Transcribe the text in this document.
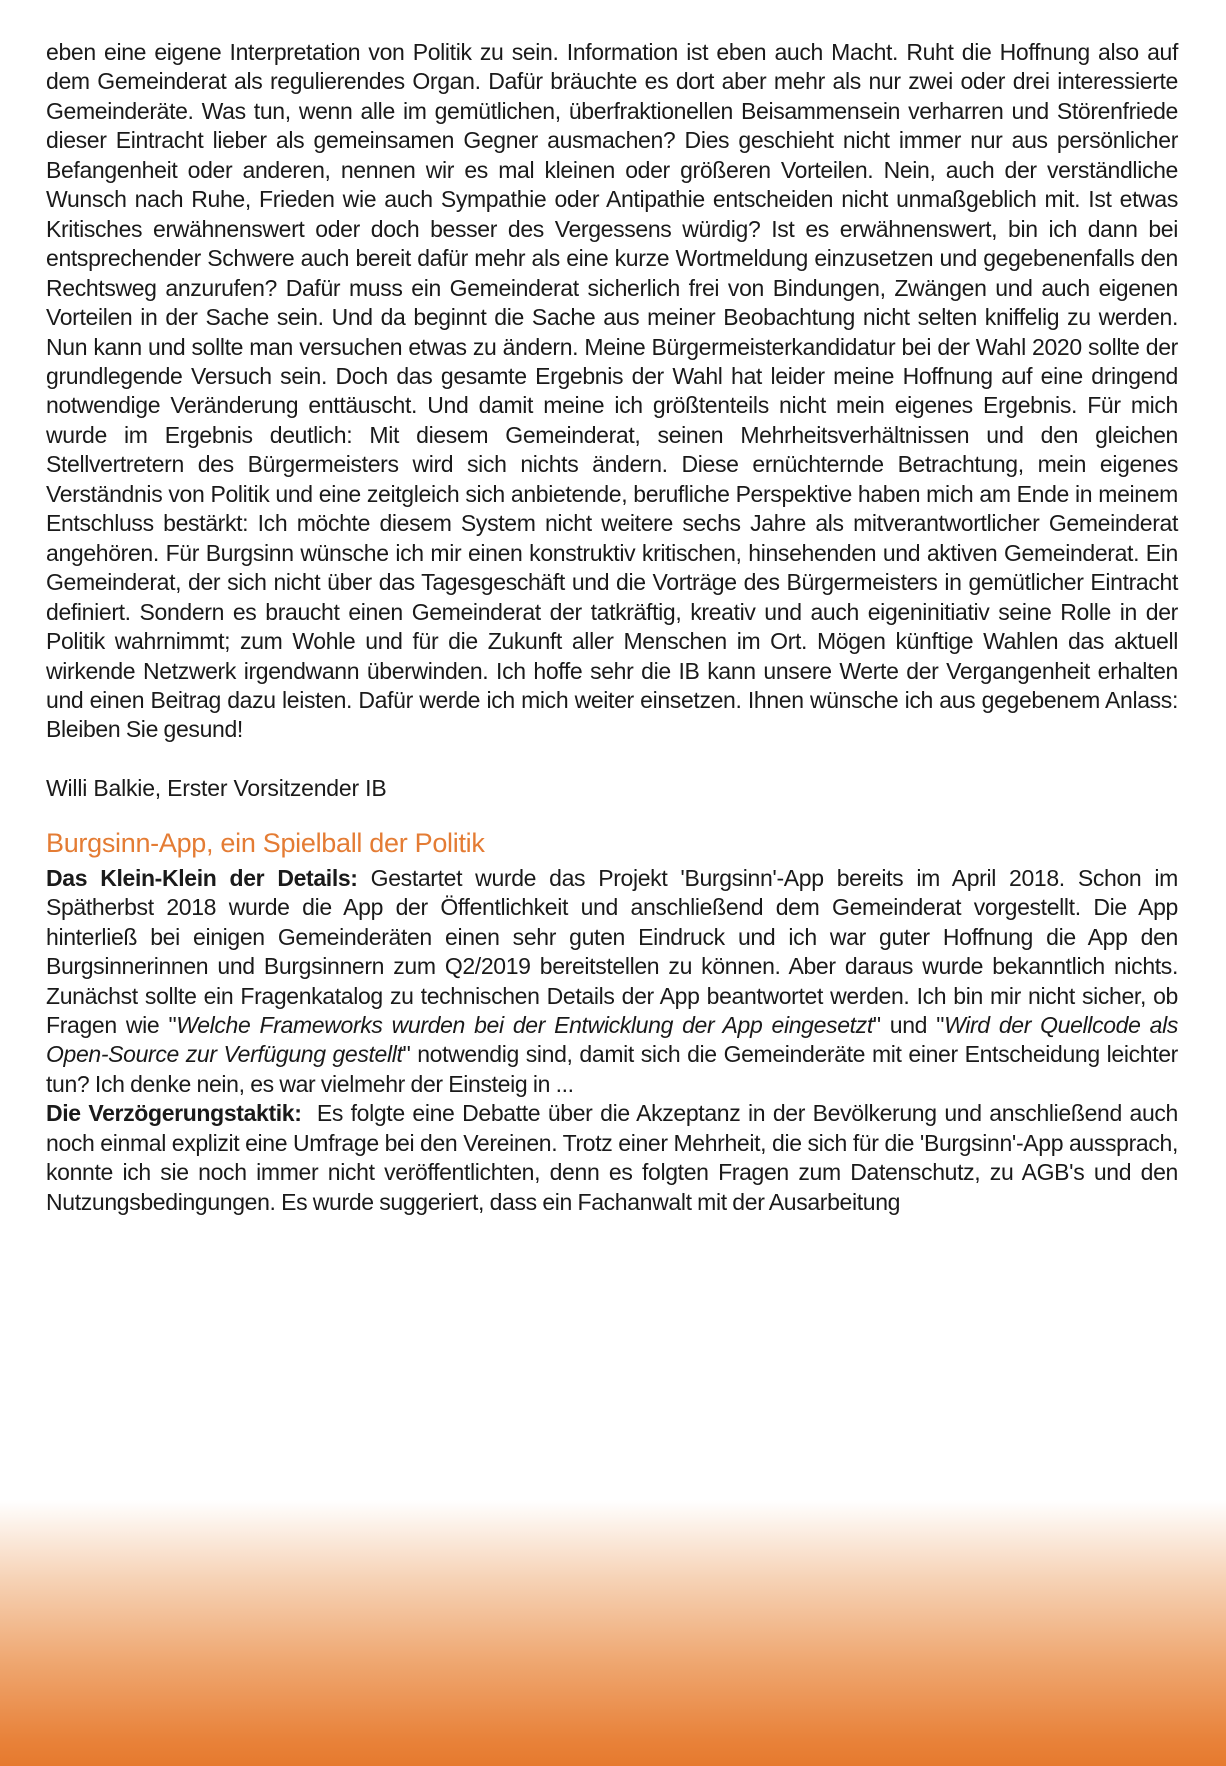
eben eine eigene Interpretation von Politik zu sein. Information ist eben auch Macht. Ruht die Hoffnung also auf dem Gemeinderat als regulierendes Organ. Dafür bräuchte es dort aber mehr als nur zwei oder drei interessierte Gemeinderäte. Was tun, wenn alle im gemütlichen, überfraktionellen Beisammensein verharren und Störenfriede dieser Eintracht lieber als gemeinsamen Gegner ausmachen? Dies geschieht nicht immer nur aus persönlicher Befangenheit oder anderen, nennen wir es mal kleinen oder größeren Vorteilen. Nein, auch der verständliche Wunsch nach Ruhe, Frieden wie auch Sympathie oder Antipathie entscheiden nicht unmaßgeblich mit. Ist etwas Kritisches erwähnenswert oder doch besser des Vergessens würdig? Ist es erwähnenswert, bin ich dann bei entsprechender Schwere auch bereit dafür mehr als eine kurze Wortmeldung einzusetzen und gegebenenfalls den Rechtsweg anzurufen? Dafür muss ein Gemeinderat sicherlich frei von Bindungen, Zwängen und auch eigenen Vorteilen in der Sache sein. Und da beginnt die Sache aus meiner Beobachtung nicht selten kniffelig zu werden. Nun kann und sollte man versuchen etwas zu ändern. Meine Bürgermeisterkandidatur bei der Wahl 2020 sollte der grundlegende Versuch sein. Doch das gesamte Ergebnis der Wahl hat leider meine Hoffnung auf eine dringend notwendige Veränderung enttäuscht. Und damit meine ich größtenteils nicht mein eigenes Ergebnis. Für mich wurde im Ergebnis deutlich: Mit diesem Gemeinderat, seinen Mehrheitsverhältnissen und den gleichen Stellvertretern des Bürgermeisters wird sich nichts ändern. Diese ernüchternde Betrachtung, mein eigenes Verständnis von Politik und eine zeitgleich sich anbietende, berufliche Perspektive haben mich am Ende in meinem Entschluss bestärkt: Ich möchte diesem System nicht weitere sechs Jahre als mitverantwortlicher Gemeinderat angehören. Für Burgsinn wünsche ich mir einen konstruktiv kritischen, hinsehenden und aktiven Gemeinderat. Ein Gemeinderat, der sich nicht über das Tagesgeschäft und die Vorträge des Bürgermeisters in gemütlicher Eintracht definiert. Sondern es braucht einen Gemeinderat der tatkräftig, kreativ und auch eigeninitiativ seine Rolle in der Politik wahrnimmt; zum Wohle und für die Zukunft aller Menschen im Ort. Mögen künftige Wahlen das aktuell wirkende Netzwerk irgendwann überwinden. Ich hoffe sehr die IB kann unsere Werte der Vergangenheit erhalten und einen Beitrag dazu leisten. Dafür werde ich mich weiter einsetzen. Ihnen wünsche ich aus gegebenem Anlass: Bleiben Sie gesund!

Willi Balkie, Erster Vorsitzender IB

Burgsinn-App, ein Spielball der Politik

Das Klein-Klein der Details: Gestartet wurde das Projekt 'Burgsinn'-App bereits im April 2018. Schon im Spätherbst 2018 wurde die App der Öffentlichkeit und anschließend dem Gemeinderat vorgestellt. Die App hinterließ bei einigen Gemeinderäten einen sehr guten Eindruck und ich war guter Hoffnung die App den Burgsinnerinnen und Burgsinnern zum Q2/2019 bereitstellen zu können. Aber daraus wurde bekanntlich nichts. Zunächst sollte ein Fragenkatalog zu technischen Details der App beantwortet werden. Ich bin mir nicht sicher, ob Fragen wie "Welche Frameworks wurden bei der Entwicklung der App eingesetzt" und "Wird der Quellcode als Open-Source zur Verfügung gestellt" notwendig sind, damit sich die Gemeinderäte mit einer Entscheidung leichter tun? Ich denke nein, es war vielmehr der Einsteig in ...

Die Verzögerungstaktik:  Es folgte eine Debatte über die Akzeptanz in der Bevölkerung und anschließend auch noch einmal explizit eine Umfrage bei den Vereinen. Trotz einer Mehrheit, die sich für die 'Burgsinn'-App aussprach, konnte ich sie noch immer nicht veröffentlichten, denn es folgten Fragen zum Datenschutz, zu AGB's und den Nutzungsbedingungen. Es wurde suggeriert, dass ein Fachanwalt mit der Ausarbeitung
